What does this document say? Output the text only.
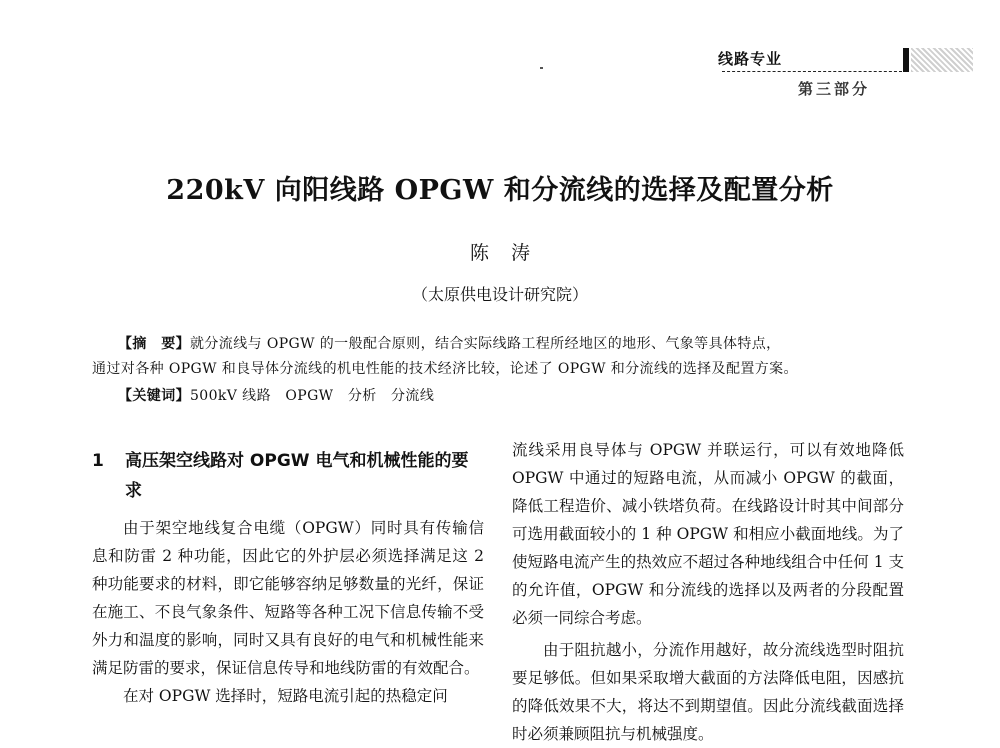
线路专业
第三部分
220kV 向阳线路 OPGW 和分流线的选择及配置分析
陈涛
（太原供电设计研究院）
【摘　要】就分流线与 OPGW 的一般配合原则，结合实际线路工程所经地区的地形、气象等具体特点，
通过对各种 OPGW 和良导体分流线的机电性能的技术经济比较，论述了 OPGW 和分流线的选择及配置方案。
【关键词】500kV 线路　OPGW　分析　分流线
1 高压架空线路对 OPGW 电气和机械性能的要求

由于架空地线复合电缆（OPGW）同时具有传输信息和防雷 2 种功能，因此它的外护层必须选择满足这 2 种功能要求的材料，即它能够容纳足够数量的光纤，保证在施工、不良气象条件、短路等各种工况下信息传输不受外力和温度的影响，同时又具有良好的电气和机械性能来满足防雷的要求，保证信息传导和地线防雷的有效配合。

在对 OPGW 选择时，短路电流引起的热稳定问

流线采用良导体与 OPGW 并联运行，可以有效地降低 OPGW 中通过的短路电流，从而减小 OPGW 的截面，降低工程造价、减小铁塔负荷。在线路设计时其中间部分可选用截面较小的 1 种 OPGW 和相应小截面地线。为了使短路电流产生的热效应不超过各种地线组合中任何 1 支的允许值，OPGW 和分流线的选择以及两者的分段配置必须一同综合考虑。

由于阻抗越小，分流作用越好，故分流线选型时阻抗要足够低。但如果采取增大截面的方法降低电阻，因感抗的降低效果不大，将达不到期望值。因此分流线截面选择时必须兼顾阻抗与机械强度。
